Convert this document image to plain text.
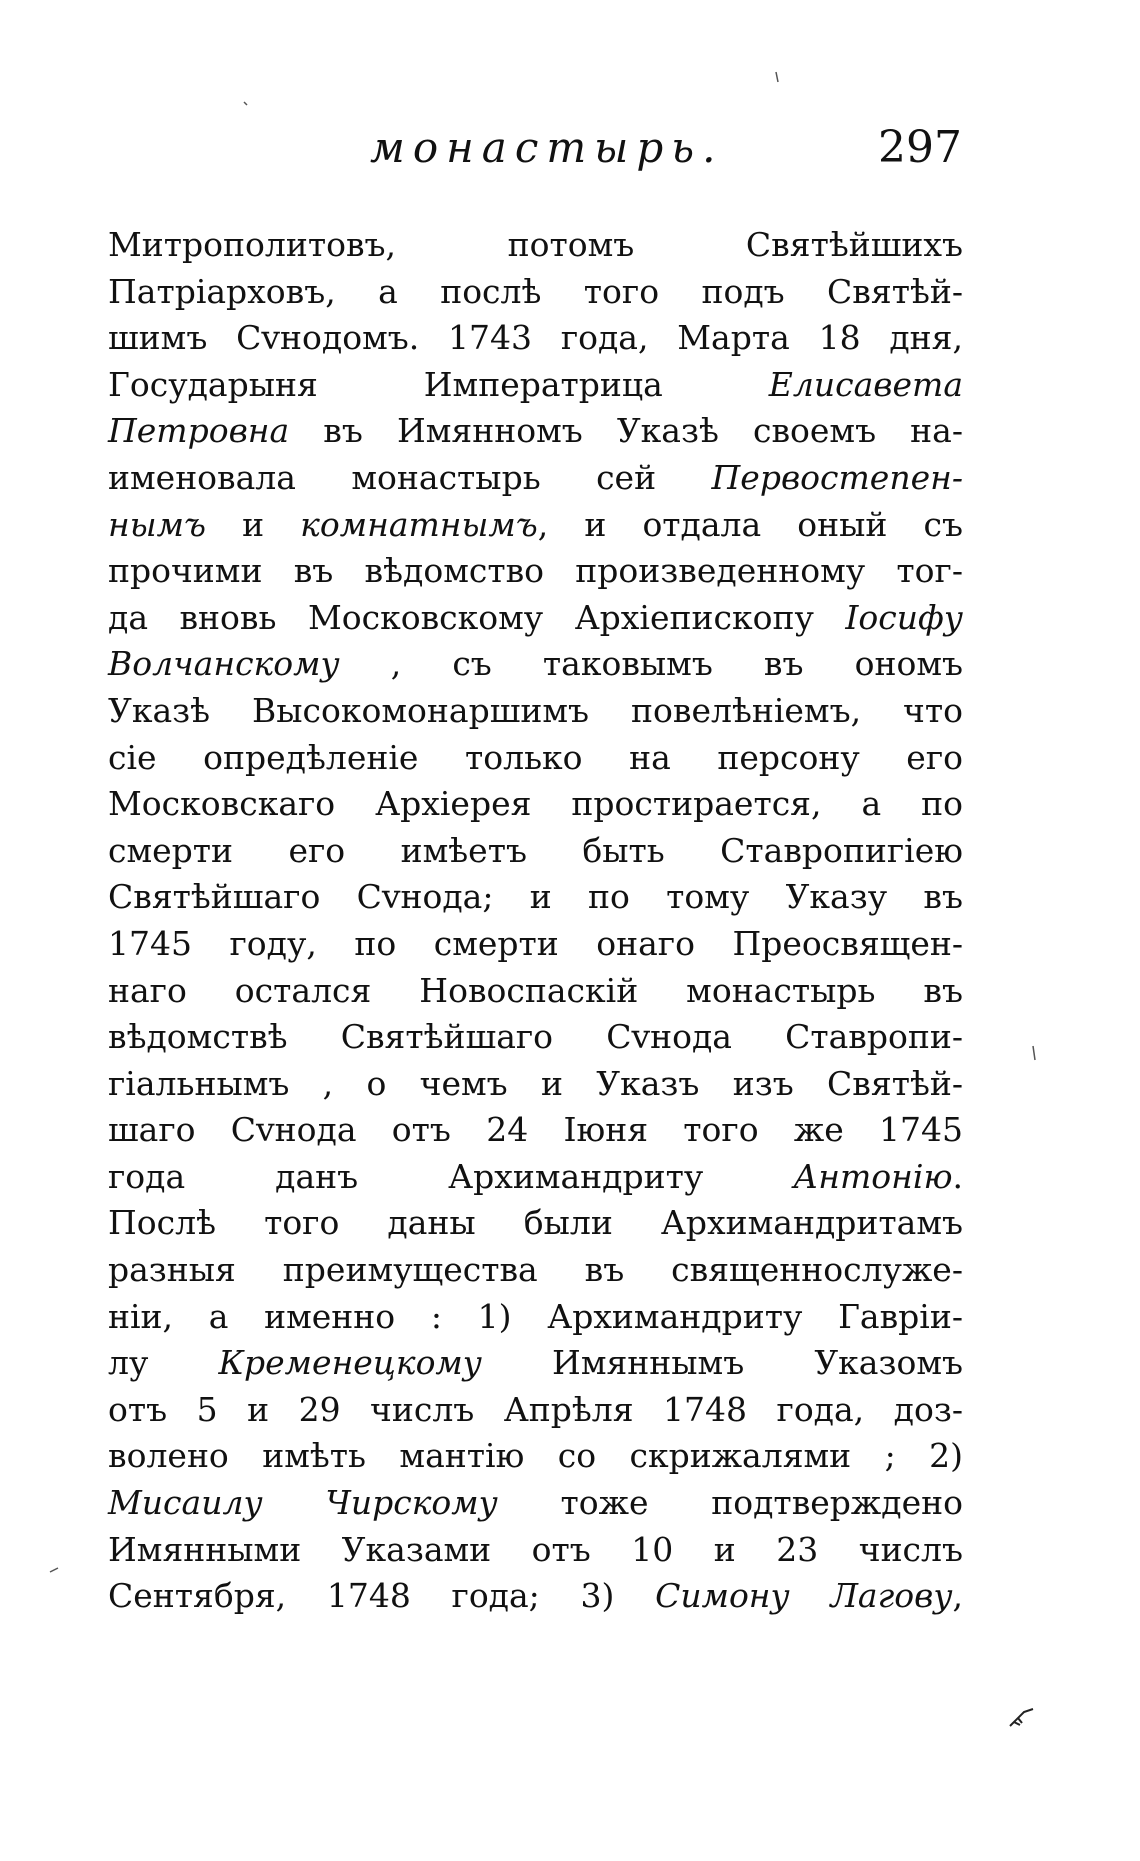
монастырь.	297
Митрополитовъ, потомъ Святѣйшихъ
Патріарховъ, а послѣ того подъ Святѣй-
шимъ Сvнодомъ. 1743 года, Марта 18 дня,
Государыня Императрица Елисавета
Петровна въ Имянномъ Указѣ своемъ на-
именовала монастырь сей Первостепен-
нымъ и комнатнымъ, и отдала оный съ
прочими въ вѣдомство произведенному тог-
да вновь Московскому Архіепископу Іосифу
Волчанскому , съ таковымъ въ ономъ
Указѣ Высокомонаршимъ повелѣніемъ, что
сіе опредѣленіе только на персону его
Московскаго Архіерея простирается, а по
смерти его имѣетъ быть Ставропигіею
Святѣйшаго Сvнода; и по тому Указу въ
1745 году, по смерти онаго Преосвящен-
наго остался Новоспаскій монастырь въ
вѣдомствѣ Святѣйшаго Сvнода Ставропи-
гіальнымъ , о чемъ и Указъ изъ Святѣй-
шаго Сvнода отъ 24 Іюня того же 1745
года данъ Архимандриту Антонію.
Послѣ того даны были Архимандритамъ
разныя преимущества въ священнослуже-
ніи, а именно : 1) Архимандриту Гавріи-
лу Кременецкому Имяннымъ Указомъ
отъ 5 и 29 числъ Апрѣля 1748 года, доз-
волено имѣть мантію со скрижалями ; 2)
Мисаилу Чирскому тоже подтверждено
Имянными Указами отъ 10 и 23 числъ
Сентября, 1748 года; 3) Симону Лагову,
